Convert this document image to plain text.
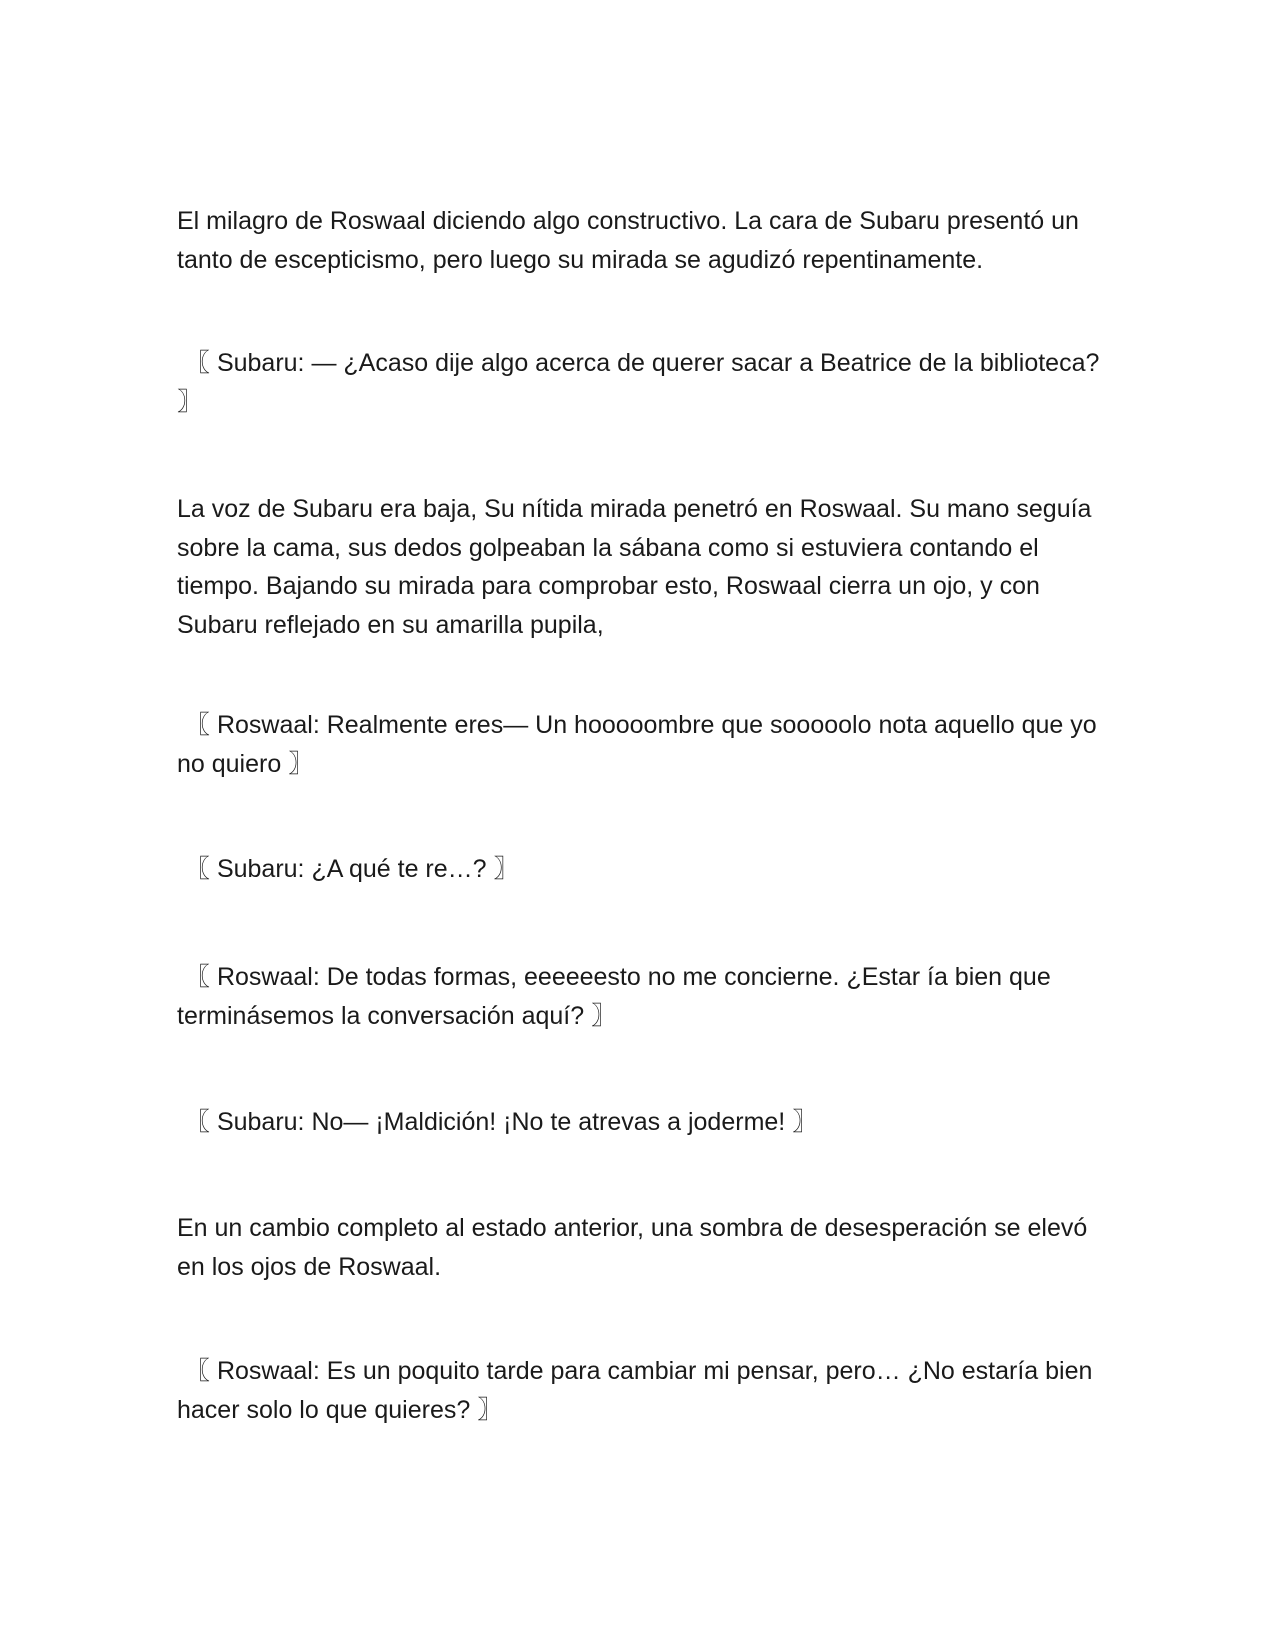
El milagro de Roswaal diciendo algo constructivo. La cara de Subaru presentó un tanto de escepticismo, pero luego su mirada se agudizó repentinamente.

〖 Subaru: — ¿Acaso dije algo acerca de querer sacar a Beatrice de la biblioteca? 〗

La voz de Subaru era baja, Su nítida mirada penetró en Roswaal. Su mano seguía sobre la cama, sus dedos golpeaban la sábana como si estuviera contando el tiempo. Bajando su mirada para comprobar esto, Roswaal cierra un ojo, y con Subaru reflejado en su amarilla pupila,

〖 Roswaal: Realmente eres— Un hooooombre que sooooolo nota aquello que yo no quiero 〗

〖 Subaru: ¿A qué te re…? 〗

〖 Roswaal: De todas formas, eeeeeesto no me concierne. ¿Estar ía bien que terminásemos la conversación aquí? 〗

〖 Subaru: No— ¡Maldición! ¡No te atrevas a joderme! 〗

En un cambio completo al estado anterior, una sombra de desesperación se elevó en los ojos de Roswaal.

〖 Roswaal: Es un poquito tarde para cambiar mi pensar, pero… ¿No estaría bien hacer solo lo que quieres? 〗
